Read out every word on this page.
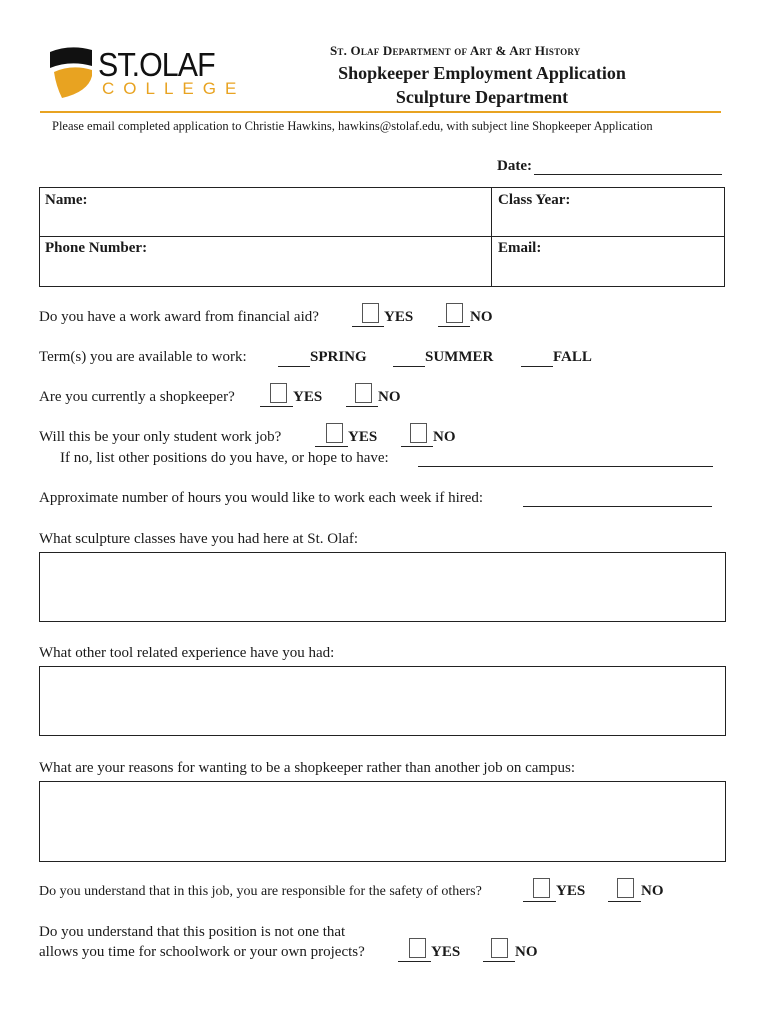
ST.OLAF
COLLEGE
St. Olaf Department of Art & Art History
Shopkeeper Employment Application
Sculpture Department
Please email completed application to Christie Hawkins, hawkins@stolaf.edu, with subject line Shopkeeper Application
Date:
Name:	Class Year:
Phone Number:	Email:
Do you have a work award from financial aid?	YES	NO
Term(s) you are available to work:	SPRING	SUMMER	FALL
Are you currently a shopkeeper?	YES	NO
Will this be your only student work job?	YES	NO
If no, list other positions do you have, or hope to have:
Approximate number of hours you would like to work each week if hired:
What sculpture classes have you had here at St. Olaf:
What other tool related experience have you had:
What are your reasons for wanting to be a shopkeeper rather than another job on campus:
Do you understand that in this job, you are responsible for the safety of others?	YES	NO
Do you understand that this position is not one that
allows you time for schoolwork or your own projects?	YES	NO
